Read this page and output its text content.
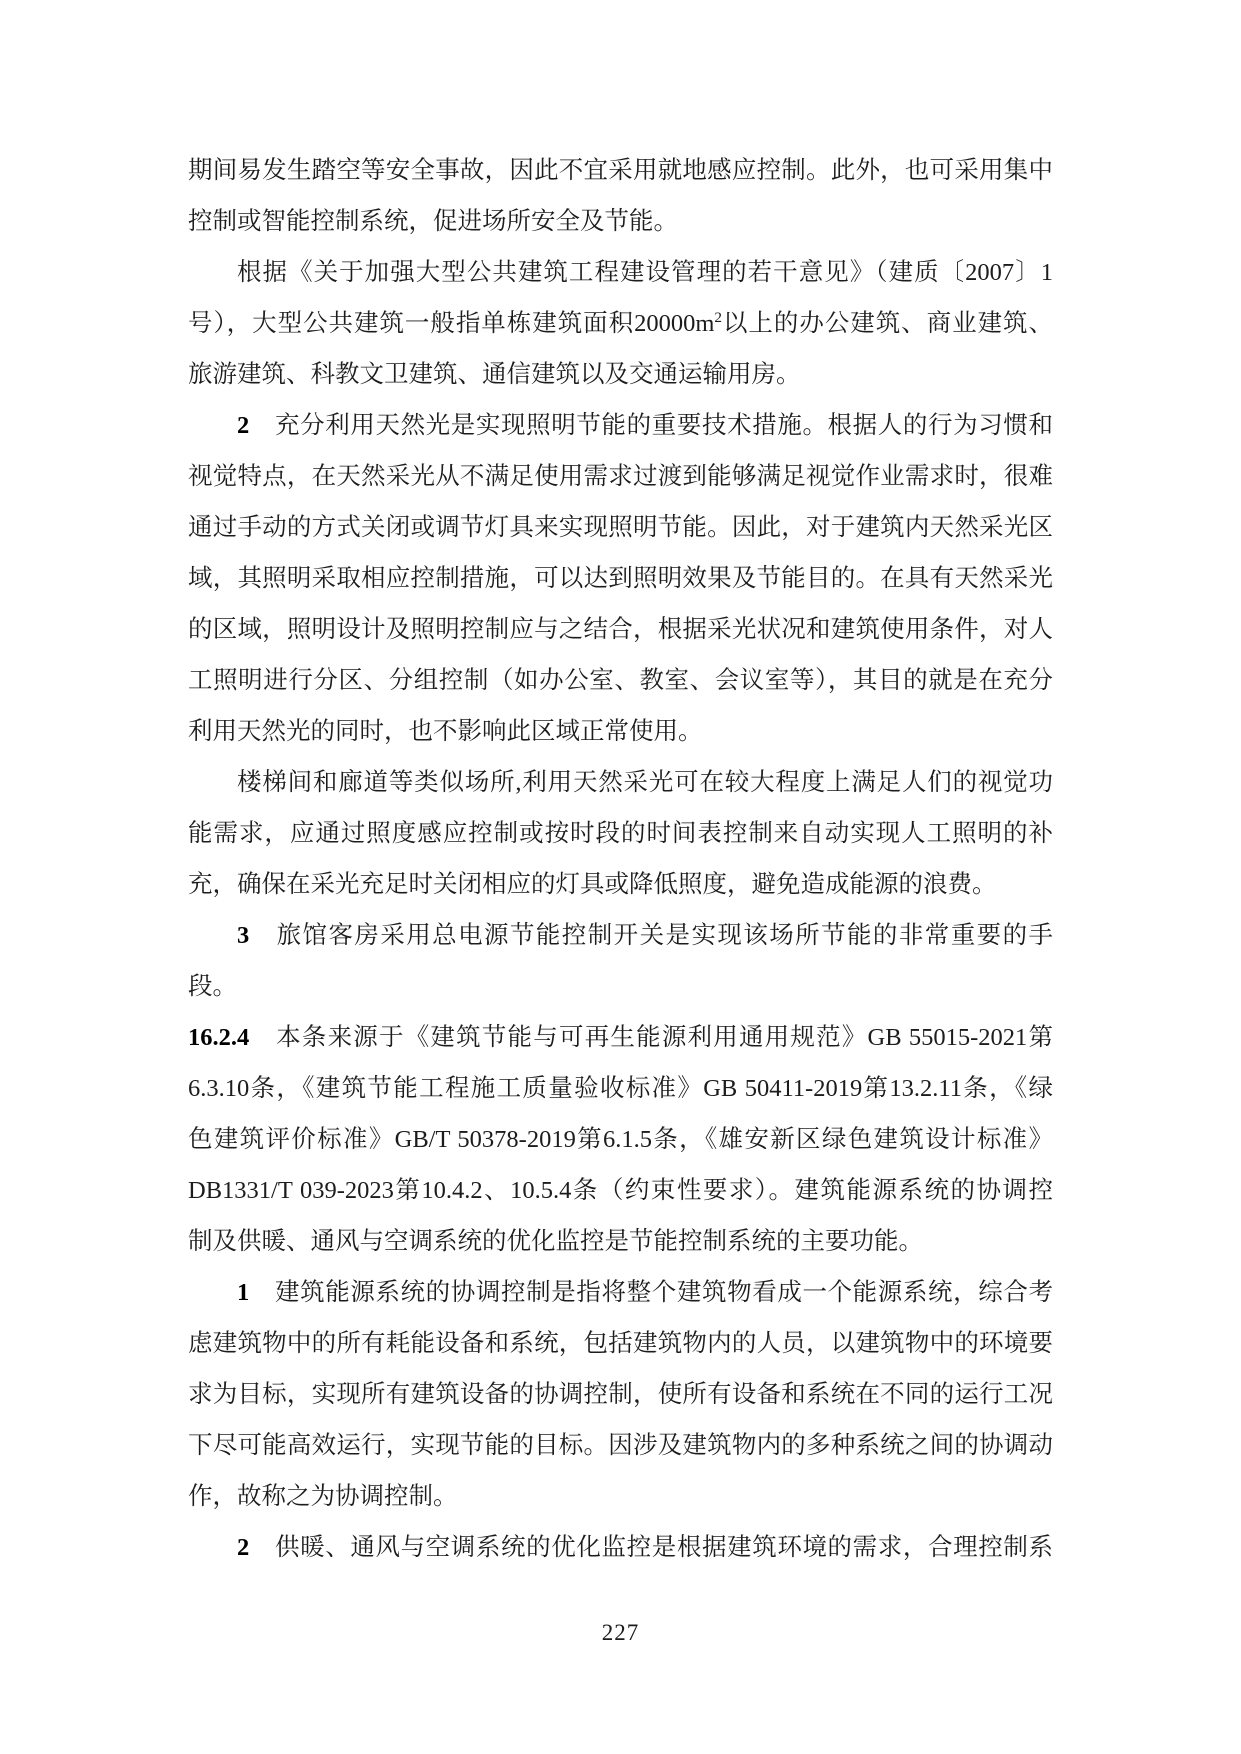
期间易发生踏空等安全事故，因此不宜采用就地感应控制。此外，也可采用集中
控制或智能控制系统，促进场所安全及节能。
根据《关于加强大型公共建筑工程建设管理的若干意见》（建质〔2007〕1
号），大型公共建筑一般指单栋建筑面积$20000m^2$以上的办公建筑、商业建筑、
旅游建筑、科教文卫建筑、通信建筑以及交通运输用房。
2　充分利用天然光是实现照明节能的重要技术措施。根据人的行为习惯和
视觉特点，在天然采光从不满足使用需求过渡到能够满足视觉作业需求时，很难
通过手动的方式关闭或调节灯具来实现照明节能。因此，对于建筑内天然采光区
域，其照明采取相应控制措施，可以达到照明效果及节能目的。在具有天然采光
的区域，照明设计及照明控制应与之结合，根据采光状况和建筑使用条件，对人
工照明进行分区、分组控制（如办公室、教室、会议室等），其目的就是在充分
利用天然光的同时，也不影响此区域正常使用。
楼梯间和廊道等类似场所,利用天然采光可在较大程度上满足人们的视觉功
能需求，应通过照度感应控制或按时段的时间表控制来自动实现人工照明的补
充，确保在采光充足时关闭相应的灯具或降低照度，避免造成能源的浪费。
3　旅馆客房采用总电源节能控制开关是实现该场所节能的非常重要的手
段。
16.2.4　本条来源于《建筑节能与可再生能源利用通用规范》GB 55015-2021第
6.3.10条，《建筑节能工程施工质量验收标准》GB 50411-2019第13.2.11条，《绿
色建筑评价标准》GB/T 50378-2019第6.1.5条，《雄安新区绿色建筑设计标准》
DB1331/T 039-2023第10.4.2、10.5.4条（约束性要求）。建筑能源系统的协调控
制及供暖、通风与空调系统的优化监控是节能控制系统的主要功能。
1　建筑能源系统的协调控制是指将整个建筑物看成一个能源系统，综合考
虑建筑物中的所有耗能设备和系统，包括建筑物内的人员，以建筑物中的环境要
求为目标，实现所有建筑设备的协调控制，使所有设备和系统在不同的运行工况
下尽可能高效运行，实现节能的目标。因涉及建筑物内的多种系统之间的协调动
作，故称之为协调控制。
2　供暖、通风与空调系统的优化监控是根据建筑环境的需求，合理控制系
227
